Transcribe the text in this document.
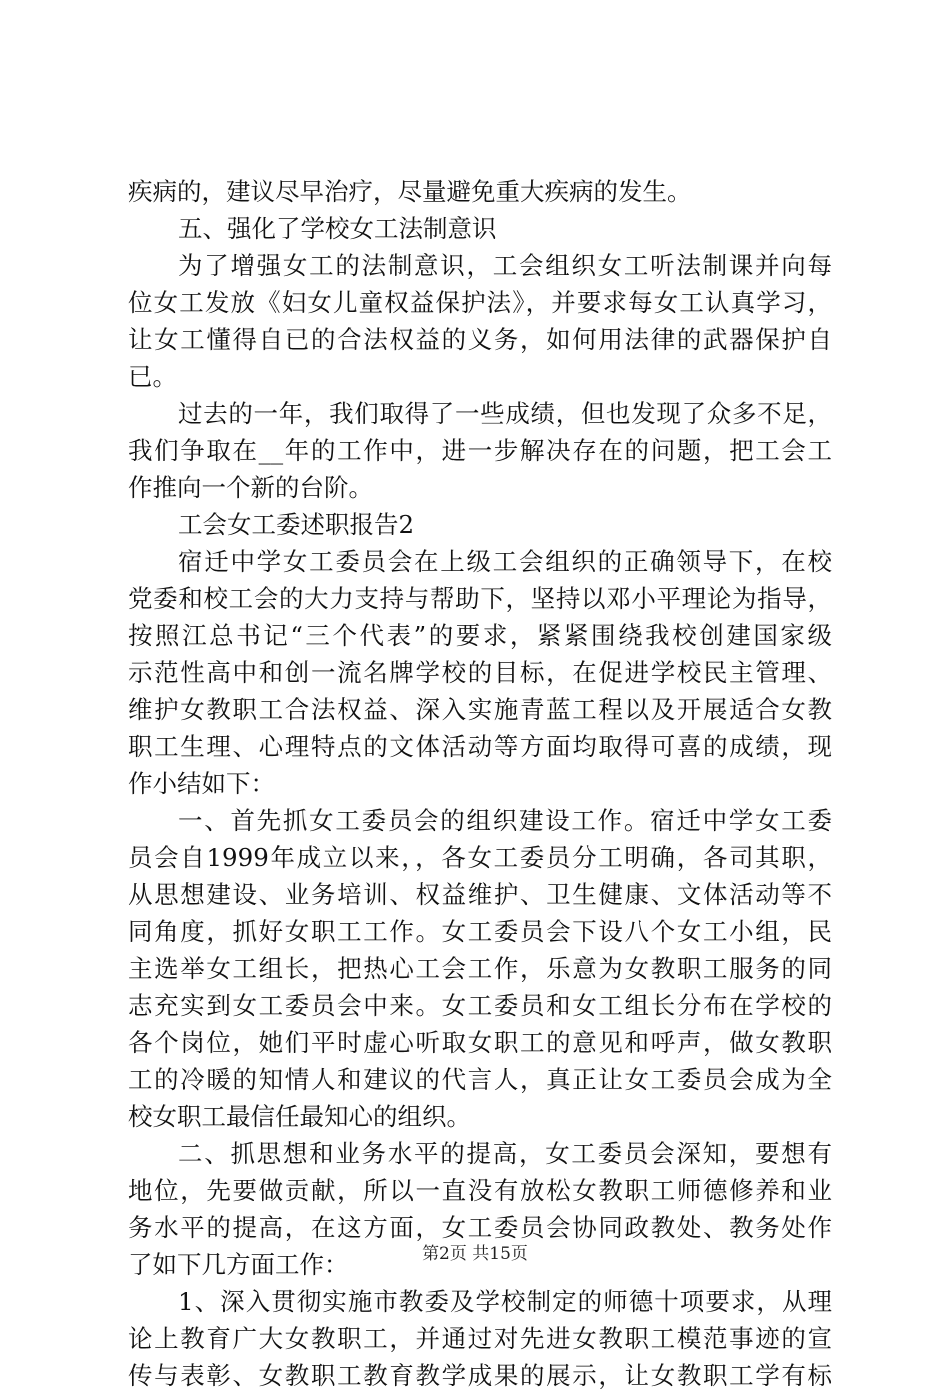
疾病的，建议尽早治疗，尽量避免重大疾病的发生。
五、强化了学校女工法制意识
为了增强女工的法制意识，工会组织女工听法制课并向每
位女工发放《妇女儿童权益保护法》，并要求每女工认真学习，
让女工懂得自已的合法权益的义务，如何用法律的武器保护自
已。
过去的一年，我们取得了一些成绩，但也发现了众多不足，
我们争取在__年的工作中，进一步解决存在的问题，把工会工
作推向一个新的台阶。
工会女工委述职报告2
宿迁中学女工委员会在上级工会组织的正确领导下，在校
党委和校工会的大力支持与帮助下，坚持以邓小平理论为指导，
按照江总书记“三个代表”的要求，紧紧围绕我校创建国家级
示范性高中和创一流名牌学校的目标，在促进学校民主管理、
维护女教职工合法权益、深入实施青蓝工程以及开展适合女教
职工生理、心理特点的文体活动等方面均取得可喜的成绩，现
作小结如下：
一、首先抓女工委员会的组织建设工作。宿迁中学女工委
员会自1999年成立以来，，各女工委员分工明确，各司其职，
从思想建设、业务培训、权益维护、卫生健康、文体活动等不
同角度，抓好女职工工作。女工委员会下设八个女工小组，民
主选举女工组长，把热心工会工作，乐意为女教职工服务的同
志充实到女工委员会中来。女工委员和女工组长分布在学校的
各个岗位，她们平时虚心听取女职工的意见和呼声，做女教职
工的冷暖的知情人和建议的代言人，真正让女工委员会成为全
校女职工最信任最知心的组织。
二、抓思想和业务水平的提高，女工委员会深知，要想有
地位，先要做贡献，所以一直没有放松女教职工师德修养和业
务水平的提高，在这方面，女工委员会协同政教处、教务处作
了如下几方面工作：
1、深入贯彻实施市教委及学校制定的师德十项要求，从理
论上教育广大女教职工，并通过对先进女教职工模范事迹的宣
传与表彰、女教职工教育教学成果的展示，让女教职工学有标
第2页 共15页
